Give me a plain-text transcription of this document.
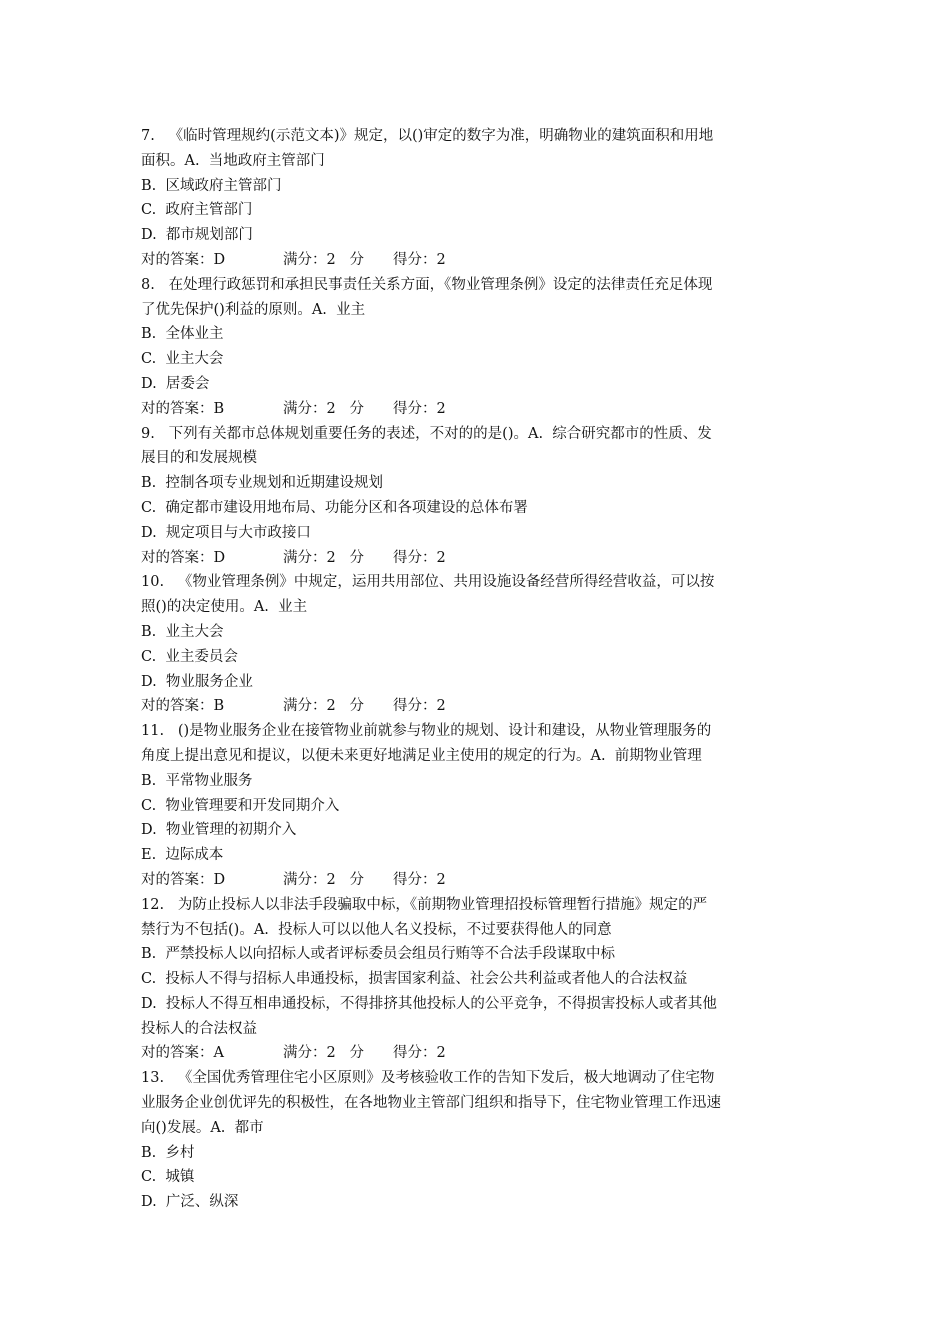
7.   《临时管理规约(示范文本)》规定，以()审定的数字为准，明确物业的建筑面积和用地
面积。A.  当地政府主管部门
B.  区域政府主管部门
C.  政府主管部门
D.  都市规划部门
对的答案：D	满分：2   分 得分：2
8.   在处理行政惩罚和承担民事责任关系方面，《物业管理条例》设定的法律责任充足体现
了优先保护()利益的原则。A.  业主
B.  全体业主
C.  业主大会
D.  居委会
对的答案：B	满分：2   分 得分：2
9.   下列有关都市总体规划重要任务的表述，不对的的是()。A.  综合研究都市的性质、发
展目的和发展规模
B.  控制各项专业规划和近期建设规划
C.  确定都市建设用地布局、功能分区和各项建设的总体布署
D.  规定项目与大市政接口
对的答案：D	满分：2   分 得分：2
10.   《物业管理条例》中规定，运用共用部位、共用设施设备经营所得经营收益，可以按
照()的决定使用。A.  业主
B.  业主大会
C.  业主委员会
D.  物业服务企业
对的答案：B	满分：2   分 得分：2
11.   ()是物业服务企业在接管物业前就参与物业的规划、设计和建设，从物业管理服务的
角度上提出意见和提议，以便未来更好地满足业主使用的规定的行为。A.  前期物业管理
B.  平常物业服务
C.  物业管理要和开发同期介入
D.  物业管理的初期介入
E.  边际成本
对的答案：D	满分：2   分 得分：2
12.   为防止投标人以非法手段骗取中标，《前期物业管理招投标管理暂行措施》规定的严
禁行为不包括()。A.  投标人可以以他人名义投标，不过要获得他人的同意
B.  严禁投标人以向招标人或者评标委员会组员行贿等不合法手段谋取中标
C.  投标人不得与招标人串通投标，损害国家利益、社会公共利益或者他人的合法权益
D.  投标人不得互相串通投标，不得排挤其他投标人的公平竞争，不得损害投标人或者其他
投标人的合法权益
对的答案：A	满分：2   分 得分：2
13.   《全国优秀管理住宅小区原则》及考核验收工作的告知下发后，极大地调动了住宅物
业服务企业创优评先的积极性，在各地物业主管部门组织和指导下，住宅物业管理工作迅速
向()发展。A.  都市
B.  乡村
C.  城镇
D.  广泛、纵深
